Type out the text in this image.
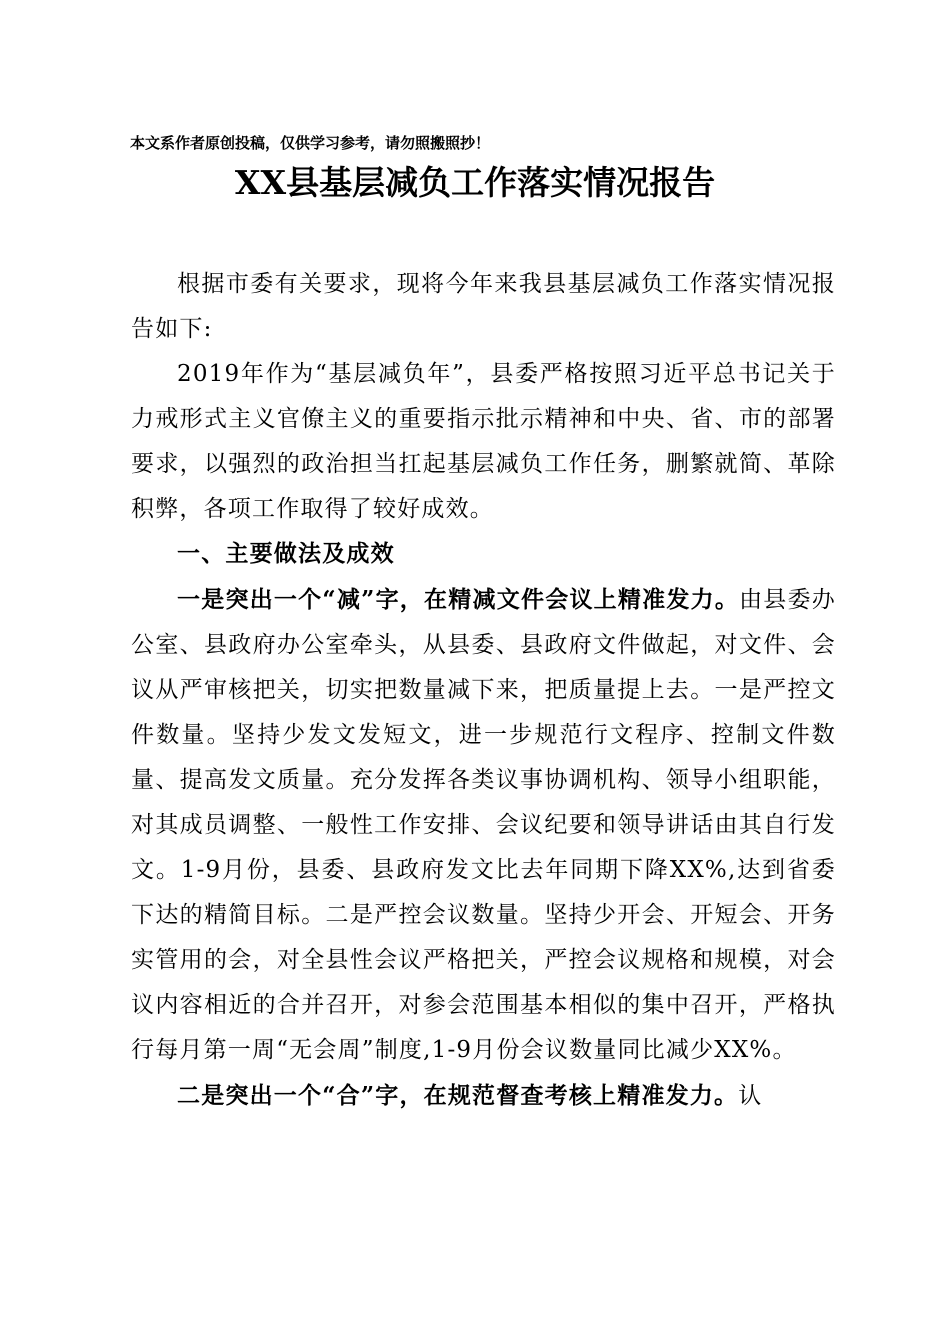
本文系作者原创投稿，仅供学习参考，请勿照搬照抄！
XX县基层减负工作落实情况报告

根据市委有关要求，现将今年来我县基层减负工作落实情况报告如下:

2019年作为“基层减负年”，县委严格按照习近平总书记关于力戒形式主义官僚主义的重要指示批示精神和中央、省、市的部署要求，以强烈的政治担当扛起基层减负工作任务，删繁就简、革除积弊，各项工作取得了较好成效。

一、主要做法及成效

一是突出一个“减”字，在精减文件会议上精准发力。由县委办公室、县政府办公室牵头，从县委、县政府文件做起，对文件、会议从严审核把关，切实把数量减下来，把质量提上去。一是严控文件数量。坚持少发文发短文，进一步规范行文程序、控制文件数量、提高发文质量。充分发挥各类议事协调机构、领导小组职能，对其成员调整、一般性工作安排、会议纪要和领导讲话由其自行发文。1-9月份，县委、县政府发文比去年同期下降XX%,达到省委下达的精简目标。二是严控会议数量。坚持少开会、开短会、开务实管用的会，对全县性会议严格把关，严控会议规格和规模，对会议内容相近的合并召开，对参会范围基本相似的集中召开，严格执行每月第一周“无会周”制度,1-9月份会议数量同比减少XX%。

二是突出一个“合”字，在规范督查考核上精准发力。认
